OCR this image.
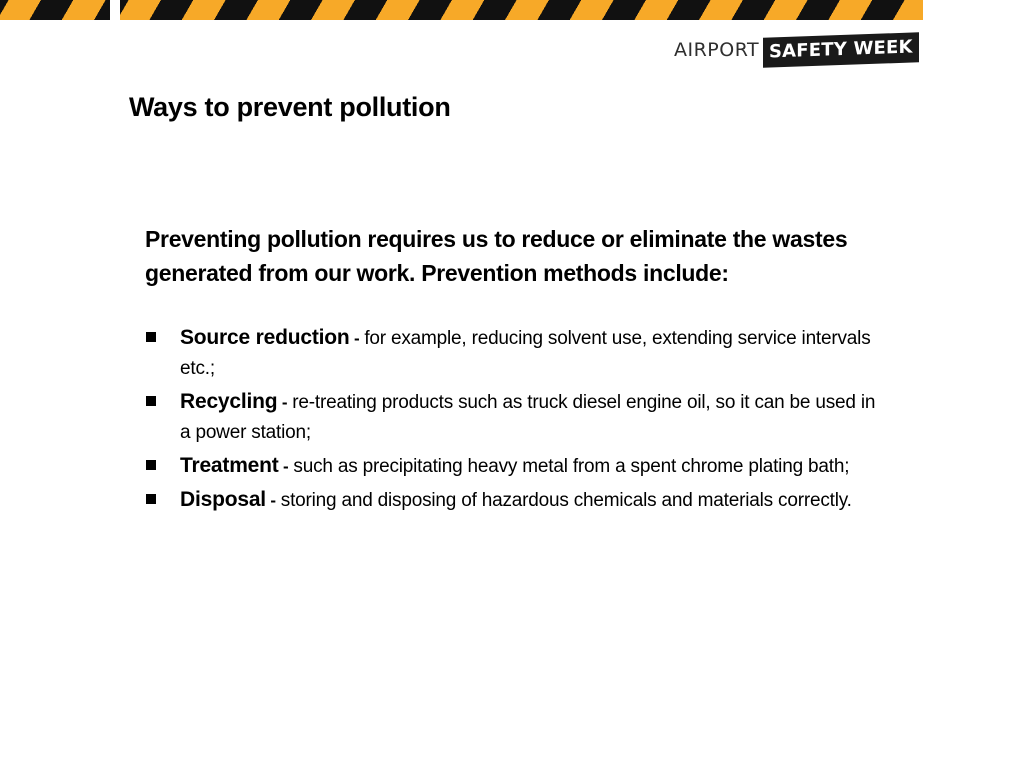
AIRPORT SAFETY WEEK
Ways to prevent pollution

Preventing pollution requires us to reduce or eliminate the wastes generated from our work. Prevention methods include:

Source reduction - for example, reducing solvent use, extending service intervals etc.;
Recycling - re-treating products such as truck diesel engine oil, so it can be used in a power station;
Treatment - such as precipitating heavy metal from a spent chrome plating bath;
Disposal - storing and disposing of hazardous chemicals and materials correctly.
